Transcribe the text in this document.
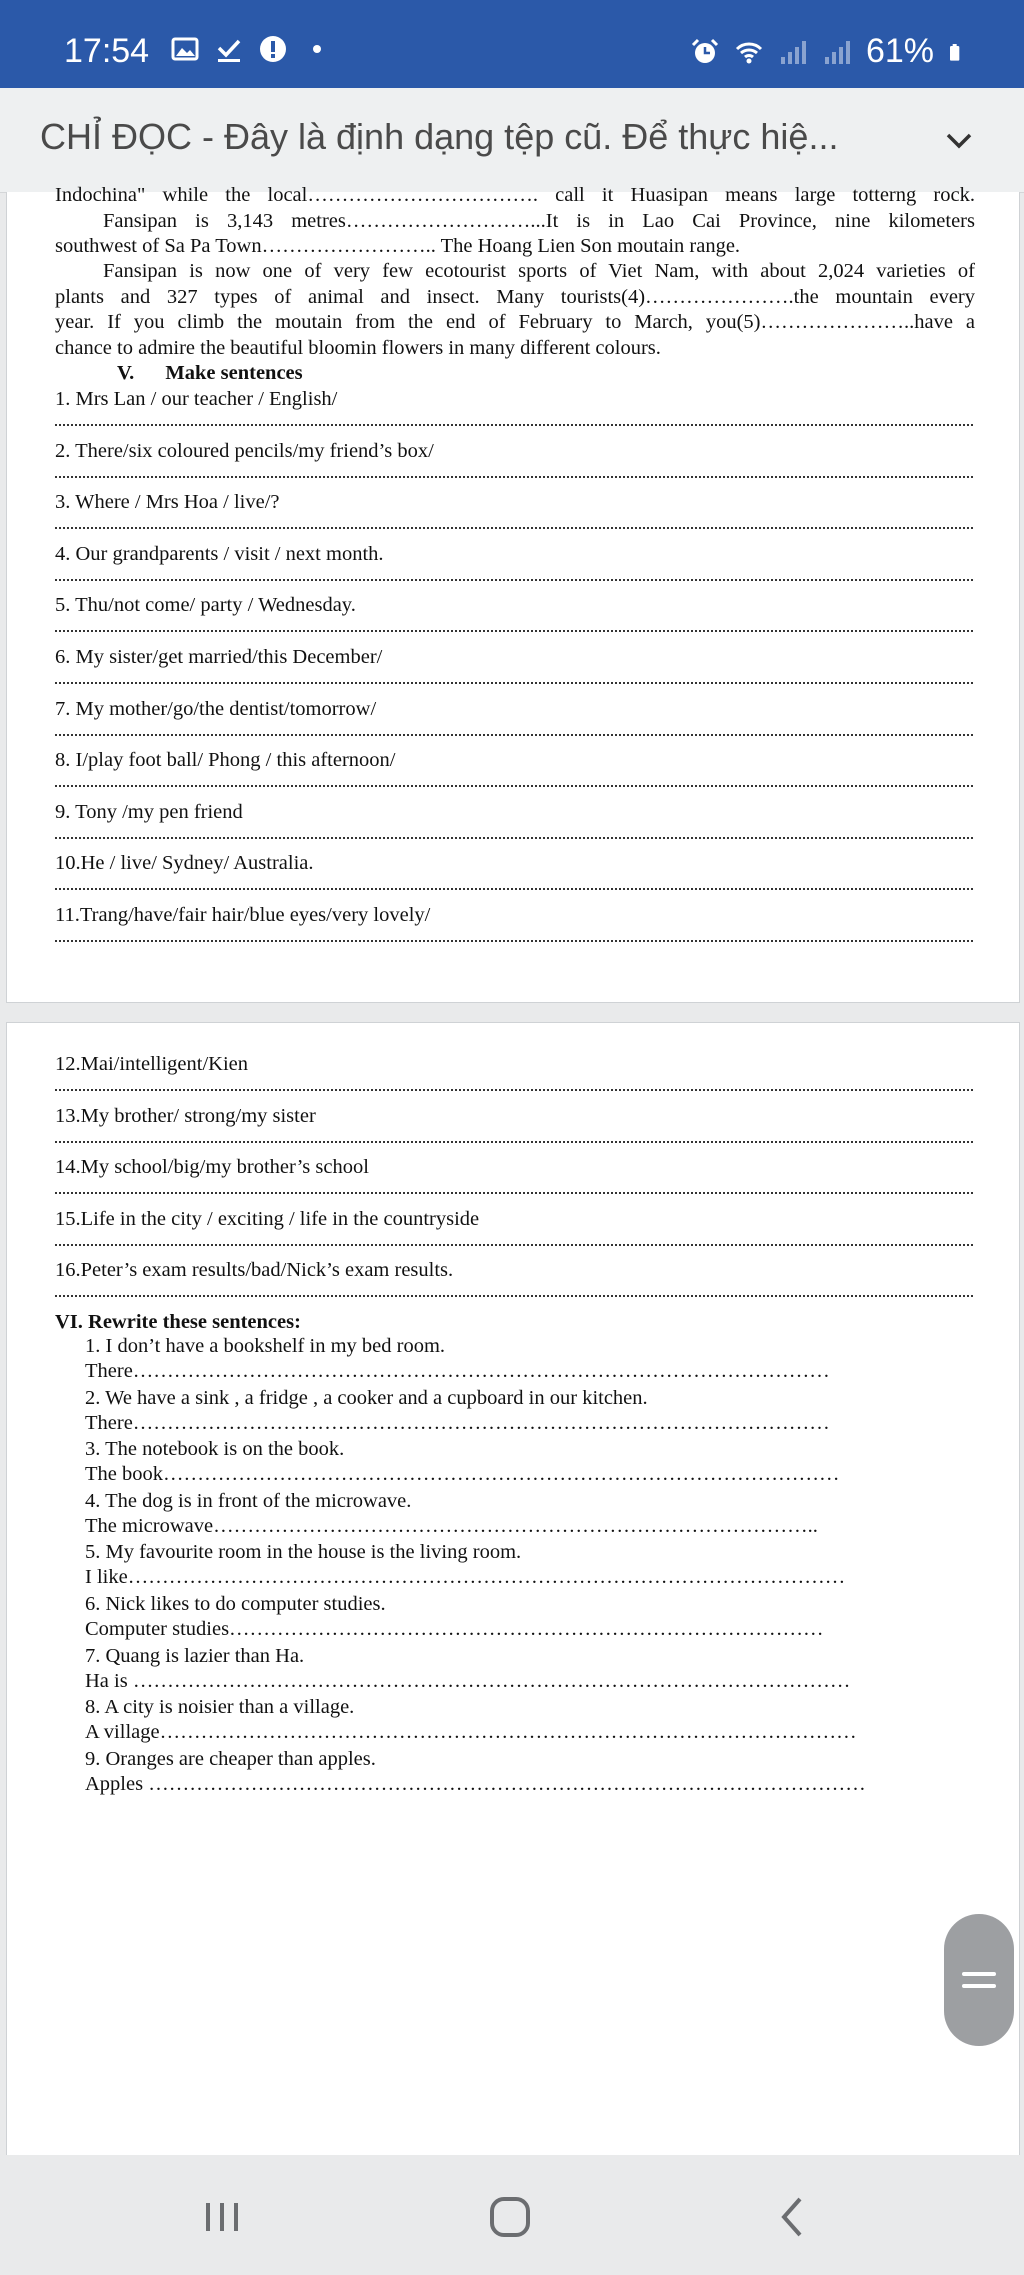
17:54	61%
CHỈ ĐỌC - Đây là định dạng tệp cũ. Để thực hiệ...
Indochina" while the local……………………………. call it Huasipan means large totterng rock.
Fansipan is 3,143 metres………………………...It is in Lao Cai Province, nine kilometers
southwest of Sa Pa Town…………………….. The Hoang Lien Son moutain range.
Fansipan is now one of very few ecotourist sports of Viet Nam, with about 2,024 varieties of
plants and 327 types of animal and insect. Many tourists(4)………………….the mountain every
year. If you climb the moutain from the end of February to March, you(5)…………………..have a
chance to admire the beautiful bloomin flowers in many different colours.
V. Make sentences
1. Mrs Lan / our teacher / English/
2. There/six coloured pencils/my friend’s box/
3. Where / Mrs Hoa / live/?
4. Our grandparents / visit / next month.
5. Thu/not come/ party / Wednesday.
6. My sister/get married/this December/
7. My mother/go/the dentist/tomorrow/
8. I/play foot ball/ Phong / this afternoon/
9. Tony /my pen friend
10.He / live/ Sydney/ Australia.
11.Trang/have/fair hair/blue eyes/very lovely/
VI. Rewrite these sentences:
12.Mai/intelligent/Kien
13.My brother/ strong/my sister
14.My school/big/my brother’s school
15.Life in the city / exciting / life in the countryside
16.Peter’s exam results/bad/Nick’s exam results.
1. I don’t have a bookshelf in my bed room.
There…………………………………………………………………………………………
2. We have a sink , a fridge , a cooker and a cupboard in our kitchen.
There…………………………………………………………………………………………
3. The notebook is on the book.
The book………………………………………………………………………………………
4. The dog is in front of the microwave.
The microwave……………………………………………………………………………..
5. My favourite room in the house is the living room.
I like……………………………………………………………………………………………
6. Nick likes to do computer studies.
Computer studies……………………………………………………………………………
7. Quang is lazier than Ha.
Ha is ……………………………………………………………………………………………
8. A city is noisier than a village.
A village…………………………………………………………………………………………
9. Oranges are cheaper than apples.
Apples ……………………………………………………………………………………………
